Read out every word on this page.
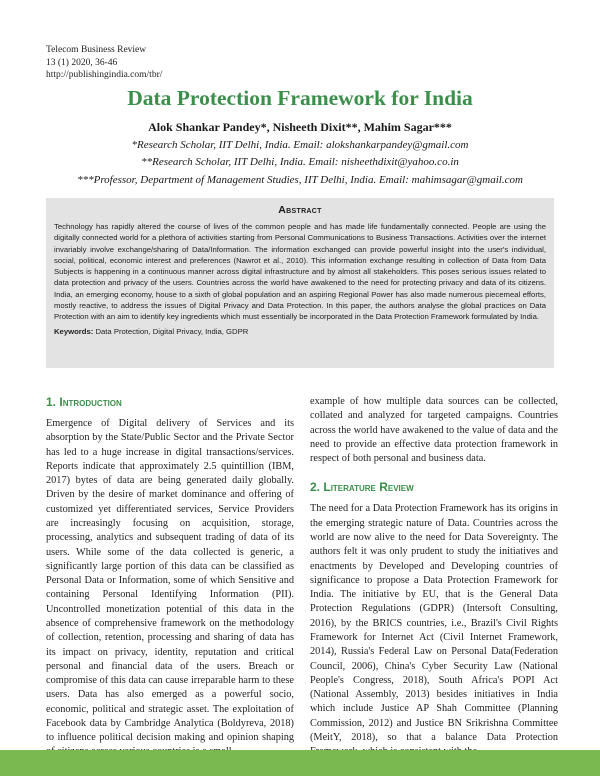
Telecom Business Review
13 (1) 2020, 36-46
http://publishingindia.com/tbr/
Data Protection Framework for India
Alok Shankar Pandey*, Nisheeth Dixit**, Mahim Sagar***
*Research Scholar, IIT Delhi, India. Email: alokshankarpandey@gmail.com
**Research Scholar, IIT Delhi, India. Email: nisheethdixit@yahoo.co.in
***Professor, Department of Management Studies, IIT Delhi, India. Email: mahimsagar@gmail.com
Abstract
Technology has rapidly altered the course of lives of the common people and has made life fundamentally connected. People are using the digitally connected world for a plethora of activities starting from Personal Communications to Business Transactions. Activities over the internet invariably involve exchange/sharing of Data/Information. The information exchanged can provide powerful insight into the user's individual, social, political, economic interest and preferences (Nawrot et al., 2010). This information exchange resulting in collection of Data from Data Subjects is happening in a continuous manner across digital infrastructure and by almost all stakeholders. This poses serious issues related to data protection and privacy of the users. Countries across the world have awakened to the need for protecting privacy and data of its citizens. India, an emerging economy, house to a sixth of global population and an aspiring Regional Power has also made numerous piecemeal efforts, mostly reactive, to address the issues of Digital Privacy and Data Protection. In this paper, the authors analyse the global practices on Data Protection with an aim to identify key ingredients which must essentially be incorporated in the Data Protection Framework formulated by India.
Keywords: Data Protection, Digital Privacy, India, GDPR
1. Introduction

Emergence of Digital delivery of Services and its absorption by the State/Public Sector and the Private Sector has led to a huge increase in digital transactions/services. Reports indicate that approximately 2.5 quintillion (IBM, 2017) bytes of data are being generated daily globally. Driven by the desire of market dominance and offering of customized yet differentiated services, Service Providers are increasingly focusing on acquisition, storage, processing, analytics and subsequent trading of data of its users. While some of the data collected is generic, a significantly large portion of this data can be classified as Personal Data or Information, some of which Sensitive and containing Personal Identifying Information (PII). Uncontrolled monetization potential of this data in the absence of comprehensive framework on the methodology of collection, retention, processing and sharing of data has its impact on privacy, identity, reputation and critical personal and financial data of the users. Breach or compromise of this data can cause irreparable harm to these users. Data has also emerged as a powerful socio, economic, political and strategic asset. The exploitation of Facebook data by Cambridge Analytica (Boldyreva, 2018) to influence political decision making and opinion shaping

example of how multiple data sources can be collected, collated and analyzed for targeted campaigns. Countries across the world have awakened to the value of data and the need to provide an effective data protection framework in respect of both personal and business data.

2. Literature Review

The need for a Data Protection Framework has its origins in the emerging strategic nature of Data. Countries across the world are now alive to the need for Data Sovereignty. The authors felt it was only prudent to study the initiatives and enactments by Developed and Developing countries of significance to propose a Data Protection Framework for India. The initiative by EU, that is the General Data Protection Regulations (GDPR) (Intersoft Consulting, 2016), by the BRICS countries, i.e., Brazil's Civil Rights Framework for Internet Act (Civil Internet Framework, 2014), Russia's Federal Law on Personal Data(Federation Council, 2006), China's Cyber Security Law (National People's Congress, 2018), South Africa's POPI Act (National Assembly, 2013) besides initiatives in India which include Justice AP Shah Committee (Planning Commission, 2012) and Justice BN Srikrishna Committee (MeitY, 2018), so that a balance Data Protection
